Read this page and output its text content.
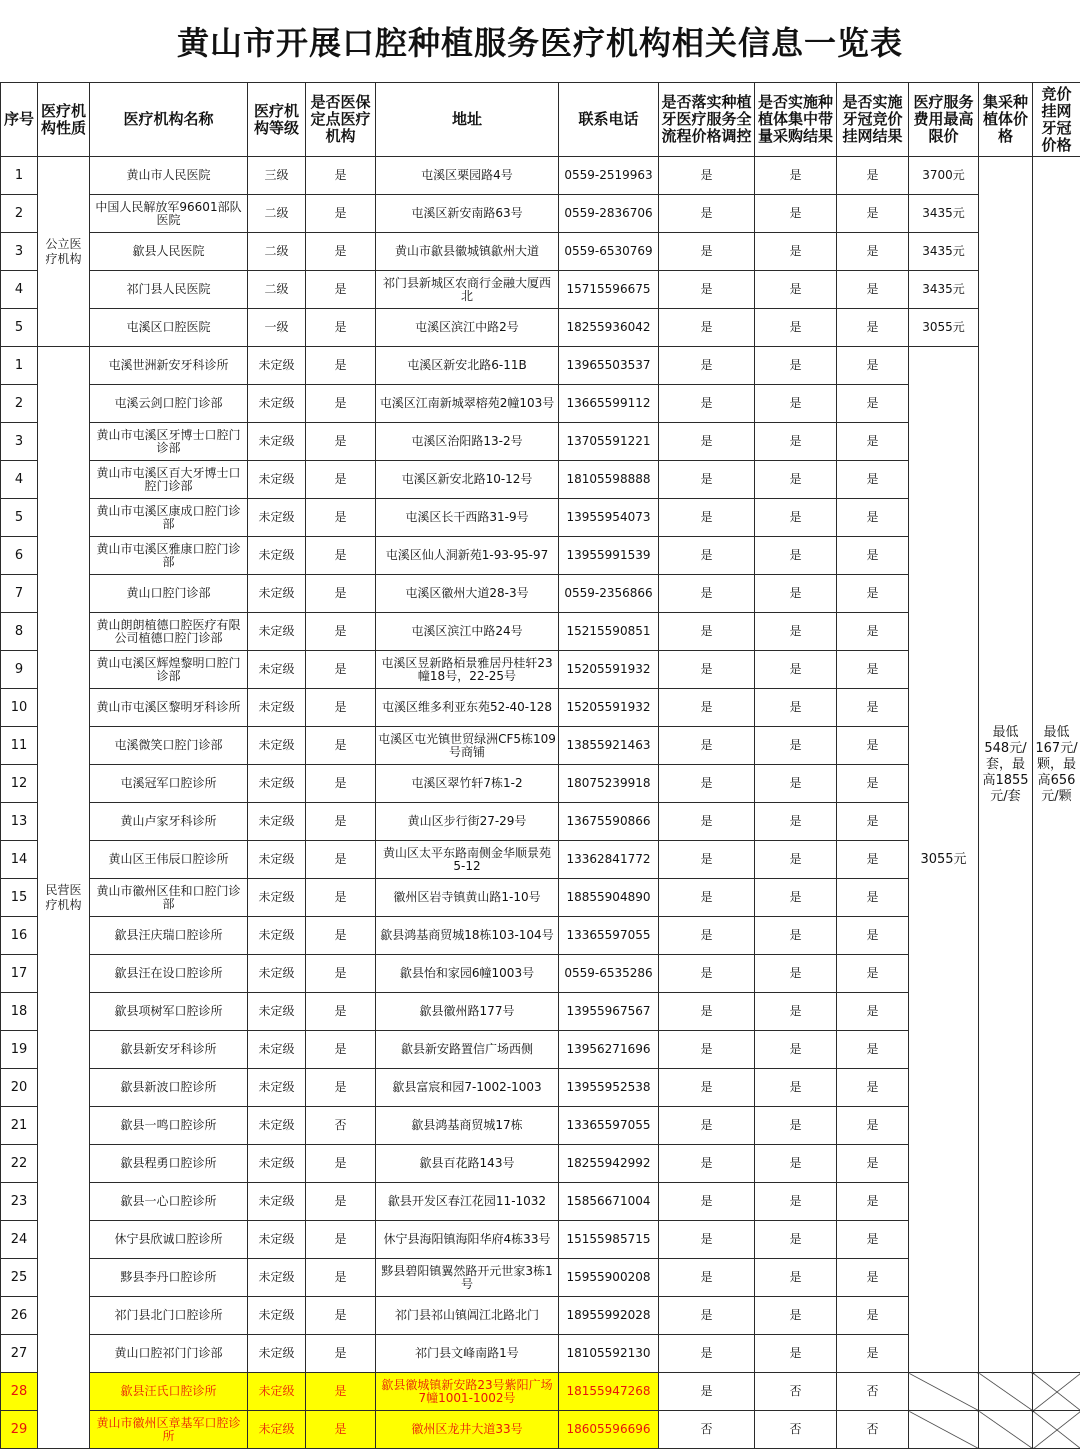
黄山市开展口腔种植服务医疗机构相关信息一览表
序号	医疗机构性质	医疗机构名称	医疗机构等级	是否医保定点医疗机构	地址	联系电话	是否落实种植牙医疗服务全流程价格调控	是否实施种植体集中带量采购结果	是否实施牙冠竞价挂网结果	医疗服务费用最高限价	集采种植体价格	竞价挂网牙冠价格
1	公立医疗机构	黄山市人民医院	三级	是	屯溪区栗园路4号	0559-2519963	是	是	是	3700元	最低548元/套，最高1855元/套	最低167元/颗，最高656元/颗
2		中国人民解放军96601部队医院	二级	是	屯溪区新安南路63号	0559-2836706	是	是	是	3435元		
3		歙县人民医院	二级	是	黄山市歙县徽城镇歙州大道	0559-6530769	是	是	是	3435元		
4		祁门县人民医院	二级	是	祁门县新城区农商行金融大厦西北	15715596675	是	是	是	3435元		
5		屯溪区口腔医院	一级	是	屯溪区滨江中路2号	18255936042	是	是	是	3055元		
1	民营医疗机构	屯溪世洲新安牙科诊所	未定级	是	屯溪区新安北路6-11B	13965503537	是	是	是	3055元		
2		屯溪云剑口腔门诊部	未定级	是	屯溪区江南新城翠榕苑2幢103号	13665599112	是	是	是			
3		黄山市屯溪区牙博士口腔门诊部	未定级	是	屯溪区治阳路13-2号	13705591221	是	是	是			
4		黄山市屯溪区百大牙博士口腔门诊部	未定级	是	屯溪区新安北路10-12号	18105598888	是	是	是			
5		黄山市屯溪区康成口腔门诊部	未定级	是	屯溪区长干西路31-9号	13955954073	是	是	是			
6		黄山市屯溪区雅康口腔门诊部	未定级	是	屯溪区仙人洞新苑1-93-95-97	13955991539	是	是	是			
7		黄山口腔门诊部	未定级	是	屯溪区徽州大道28-3号	0559-2356866	是	是	是			
8		黄山朗朗植德口腔医疗有限公司植德口腔门诊部	未定级	是	屯溪区滨江中路24号	15215590851	是	是	是			
9		黄山屯溪区辉煌黎明口腔门诊部	未定级	是	屯溪区昱新路栢景雅居丹桂轩23幢18号，22-25号	15205591932	是	是	是			
10		黄山市屯溪区黎明牙科诊所	未定级	是	屯溪区维多利亚东苑52-40-128	15205591932	是	是	是			
11		屯溪微笑口腔门诊部	未定级	是	屯溪区屯光镇世贸绿洲CF5栋109号商铺	13855921463	是	是	是			
12		屯溪冠军口腔诊所	未定级	是	屯溪区翠竹轩7栋1-2	18075239918	是	是	是			
13		黄山卢家牙科诊所	未定级	是	黄山区步行街27-29号	13675590866	是	是	是			
14		黄山区王伟辰口腔诊所	未定级	是	黄山区太平东路南侧金华顺景苑5-12	13362841772	是	是	是			
15		黄山市徽州区佳和口腔门诊部	未定级	是	徽州区岩寺镇黄山路1-10号	18855904890	是	是	是			
16		歙县汪庆瑞口腔诊所	未定级	是	歙县鸿基商贸城18栋103-104号	13365597055	是	是	是			
17		歙县汪在设口腔诊所	未定级	是	歙县怡和家园6幢1003号	0559-6535286	是	是	是			
18		歙县项树军口腔诊所	未定级	是	歙县徽州路177号	13955967567	是	是	是			
19		歙县新安牙科诊所	未定级	是	歙县新安路置信广场西侧	13956271696	是	是	是			
20		歙县新波口腔诊所	未定级	是	歙县富宸和园7-1002-1003	13955952538	是	是	是			
21		歙县一鸣口腔诊所	未定级	否	歙县鸿基商贸城17栋	13365597055	是	是	是			
22		歙县程勇口腔诊所	未定级	是	歙县百花路143号	18255942992	是	是	是			
23		歙县一心口腔诊所	未定级	是	歙县开发区春江花园11-1032	15856671004	是	是	是			
24		休宁县欣诚口腔诊所	未定级	是	休宁县海阳镇海阳华府4栋33号	15155985715	是	是	是			
25		黟县李丹口腔诊所	未定级	是	黟县碧阳镇翼然路开元世家3栋1号	15955900208	是	是	是			
26		祁门县北门口腔诊所	未定级	是	祁门县祁山镇阊江北路北门	18955992028	是	是	是			
27		黄山口腔祁门门诊部	未定级	是	祁门县文峰南路1号	18105592130	是	是	是			
28		歙县汪氏口腔诊所	未定级	是	歙县徽城镇新安路23号紫阳广场7幢1001-1002号	18155947268	是	否	否			
29		黄山市徽州区章基军口腔诊所	未定级	是	徽州区龙井大道33号	18605596696	否	否	否			
